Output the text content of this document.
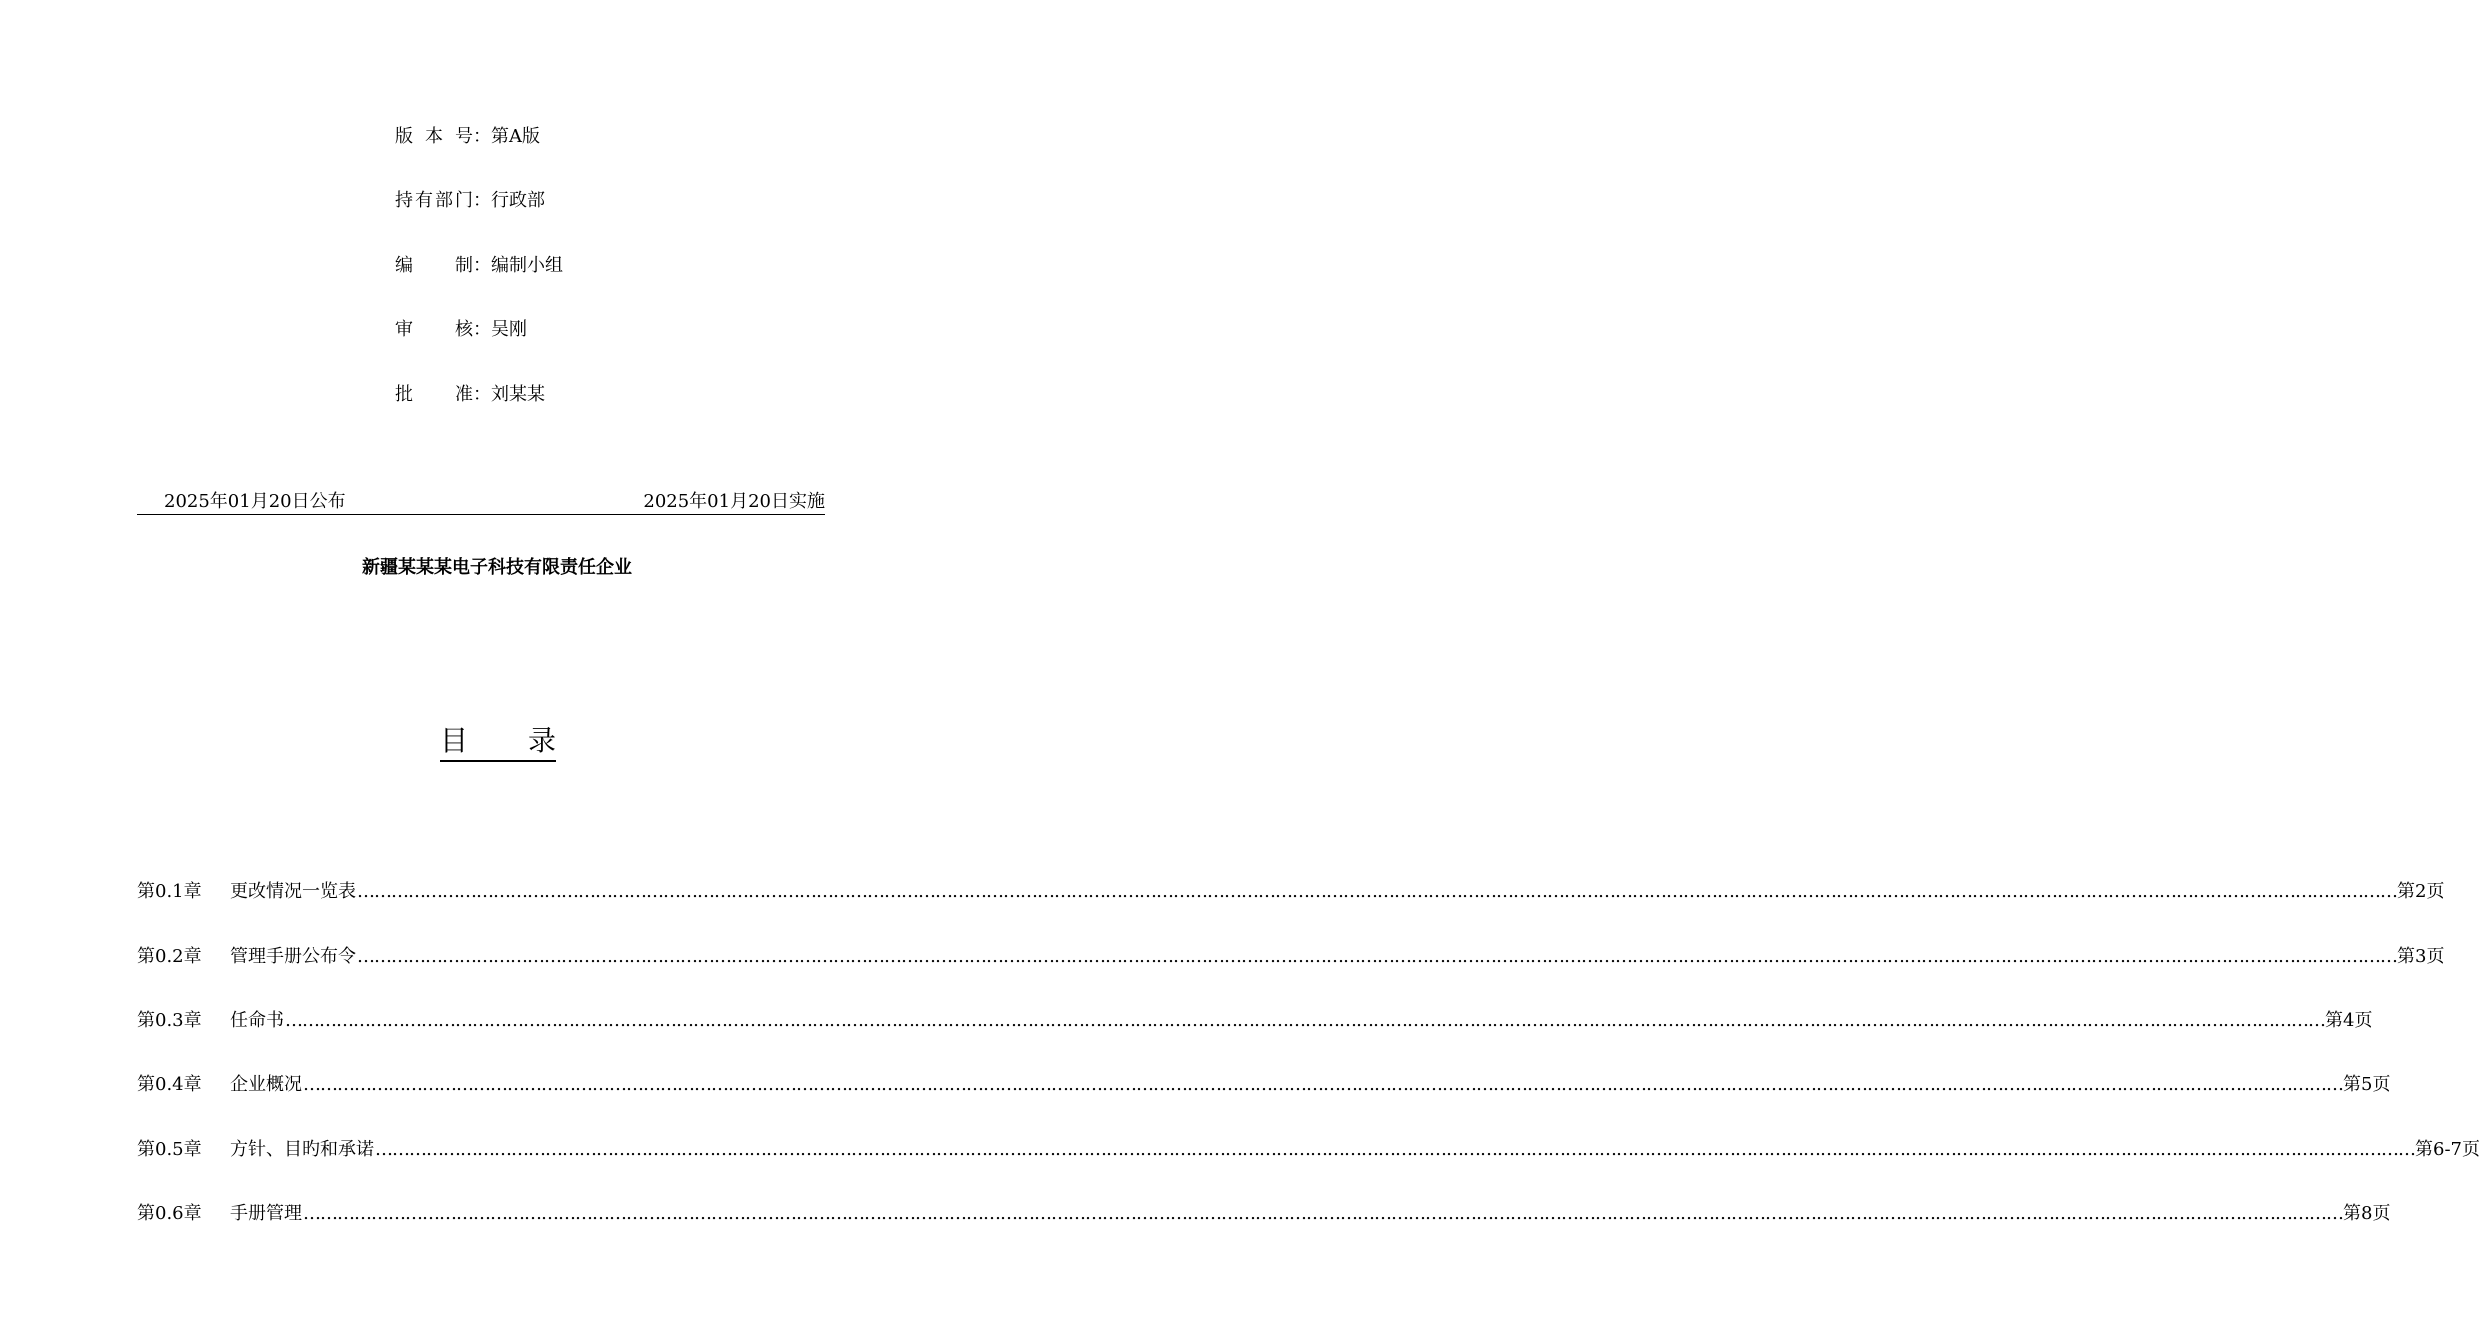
版本号：第A版
持有部门：行政部
编制：编制小组
审核：吴刚
批准：刘某某
2025年01月20日公布	2025年01月20日实施
新疆某某某电子科技有限责任企业
目 录
第0.1章	更改情况一览表 ……………………………………………………………………………………………………………………………………………………………………………………………………………………………………………………………………………………………………………………………… 第2页
第0.2章	管理手册公布令 ……………………………………………………………………………………………………………………………………………………………………………………………………………………………………………………………………………………………………………………………… 第3页
第0.3章	任命书 ……………………………………………………………………………………………………………………………………………………………………………………………………………………………………………………………………………………………………………………………… 第4页
第0.4章	企业概况 ……………………………………………………………………………………………………………………………………………………………………………………………………………………………………………………………………………………………………………………………… 第5页
第0.5章	方针、目旳和承诺 ……………………………………………………………………………………………………………………………………………………………………………………………………………………………………………………………………………………………………………………………… 第6-7页
第0.6章	手册管理 ……………………………………………………………………………………………………………………………………………………………………………………………………………………………………………………………………………………………………………………………… 第8页
